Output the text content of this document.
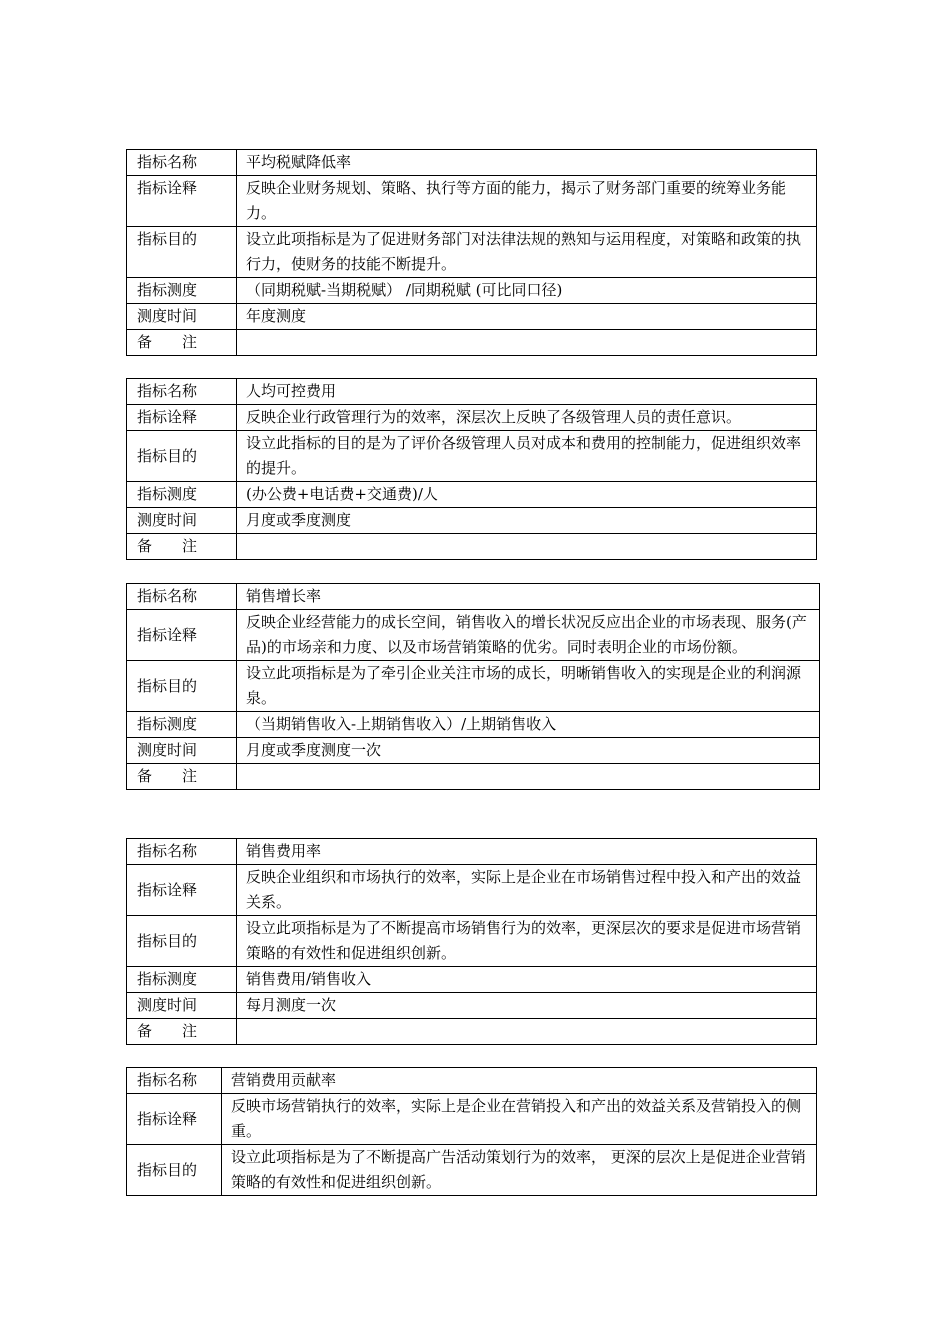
指标名称	平均税赋降低率
指标诠释	反映企业财务规划、策略、执行等方面的能力，揭示了财务部门重要的统筹业务能力。
指标目的	设立此项指标是为了促进财务部门对法律法规的熟知与运用程度，对策略和政策的执行力，使财务的技能不断提升。
指标测度	（同期税赋-当期税赋） /同期税赋 (可比同口径)
测度时间	年度测度
备　　注	
指标名称	人均可控费用
指标诠释	反映企业行政管理行为的效率，深层次上反映了各级管理人员的责任意识。
指标目的	设立此指标的目的是为了评价各级管理人员对成本和费用的控制能力，促进组织效率的提升。
指标测度	(办公费+电话费+交通费)/人
测度时间	月度或季度测度
备　　注	
指标名称	销售增长率
指标诠释	反映企业经营能力的成长空间，销售收入的增长状况反应出企业的市场表现、服务(产品)的市场亲和力度、以及市场营销策略的优劣。同时表明企业的市场份额。
指标目的	设立此项指标是为了牵引企业关注市场的成长，明晰销售收入的实现是企业的利润源泉。
指标测度	（当期销售收入-上期销售收入）/上期销售收入
测度时间	月度或季度测度一次
备　　注	
指标名称	销售费用率
指标诠释	反映企业组织和市场执行的效率，实际上是企业在市场销售过程中投入和产出的效益关系。
指标目的	设立此项指标是为了不断提高市场销售行为的效率，更深层次的要求是促进市场营销策略的有效性和促进组织创新。
指标测度	销售费用/销售收入
测度时间	每月测度一次
备　　注	
指标名称	营销费用贡献率
指标诠释	反映市场营销执行的效率，实际上是企业在营销投入和产出的效益关系及营销投入的侧重。
指标目的	设立此项指标是为了不断提高广告活动策划行为的效率， 更深的层次上是促进企业营销策略的有效性和促进组织创新。
